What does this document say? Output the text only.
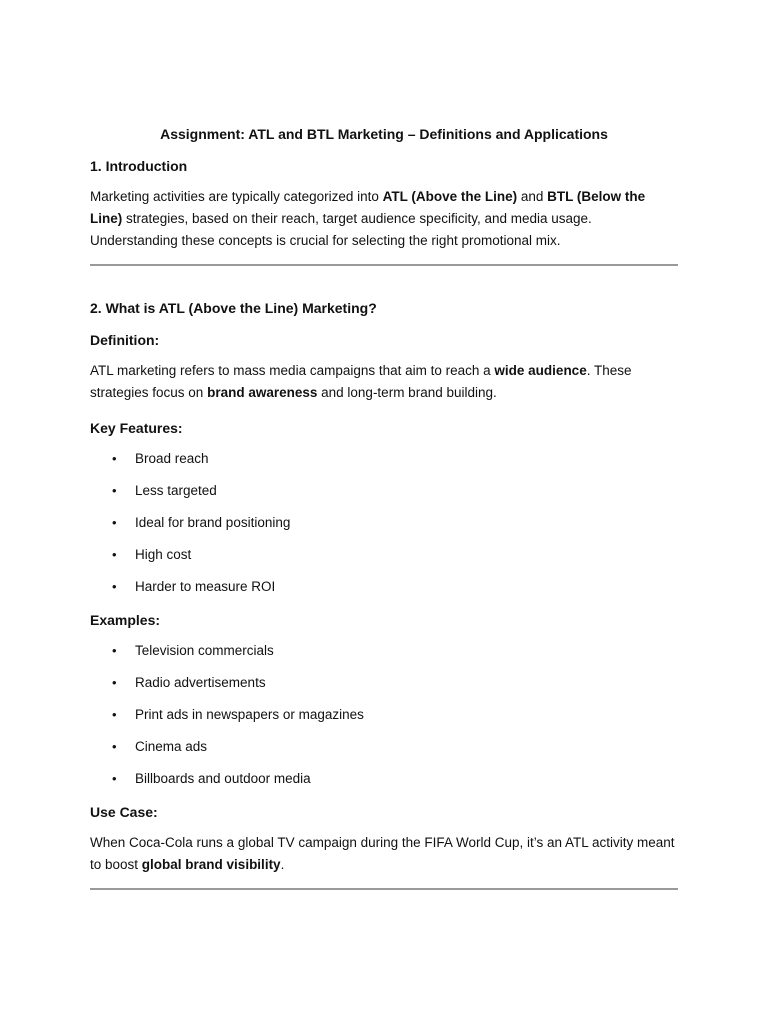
Assignment: ATL and BTL Marketing – Definitions and Applications
1. Introduction

Marketing activities are typically categorized into ATL (Above the Line) and BTL (Below the Line) strategies, based on their reach, target audience specificity, and media usage. Understanding these concepts is crucial for selecting the right promotional mix.

2. What is ATL (Above the Line) Marketing?
Definition:

ATL marketing refers to mass media campaigns that aim to reach a wide audience. These strategies focus on brand awareness and long-term brand building.

Key Features:
• Broad reach
• Less targeted
• Ideal for brand positioning
• High cost
• Harder to measure ROI
Examples:
• Television commercials
• Radio advertisements
• Print ads in newspapers or magazines
• Cinema ads
• Billboards and outdoor media
Use Case:

When Coca-Cola runs a global TV campaign during the FIFA World Cup, it’s an ATL activity meant to boost global brand visibility.
